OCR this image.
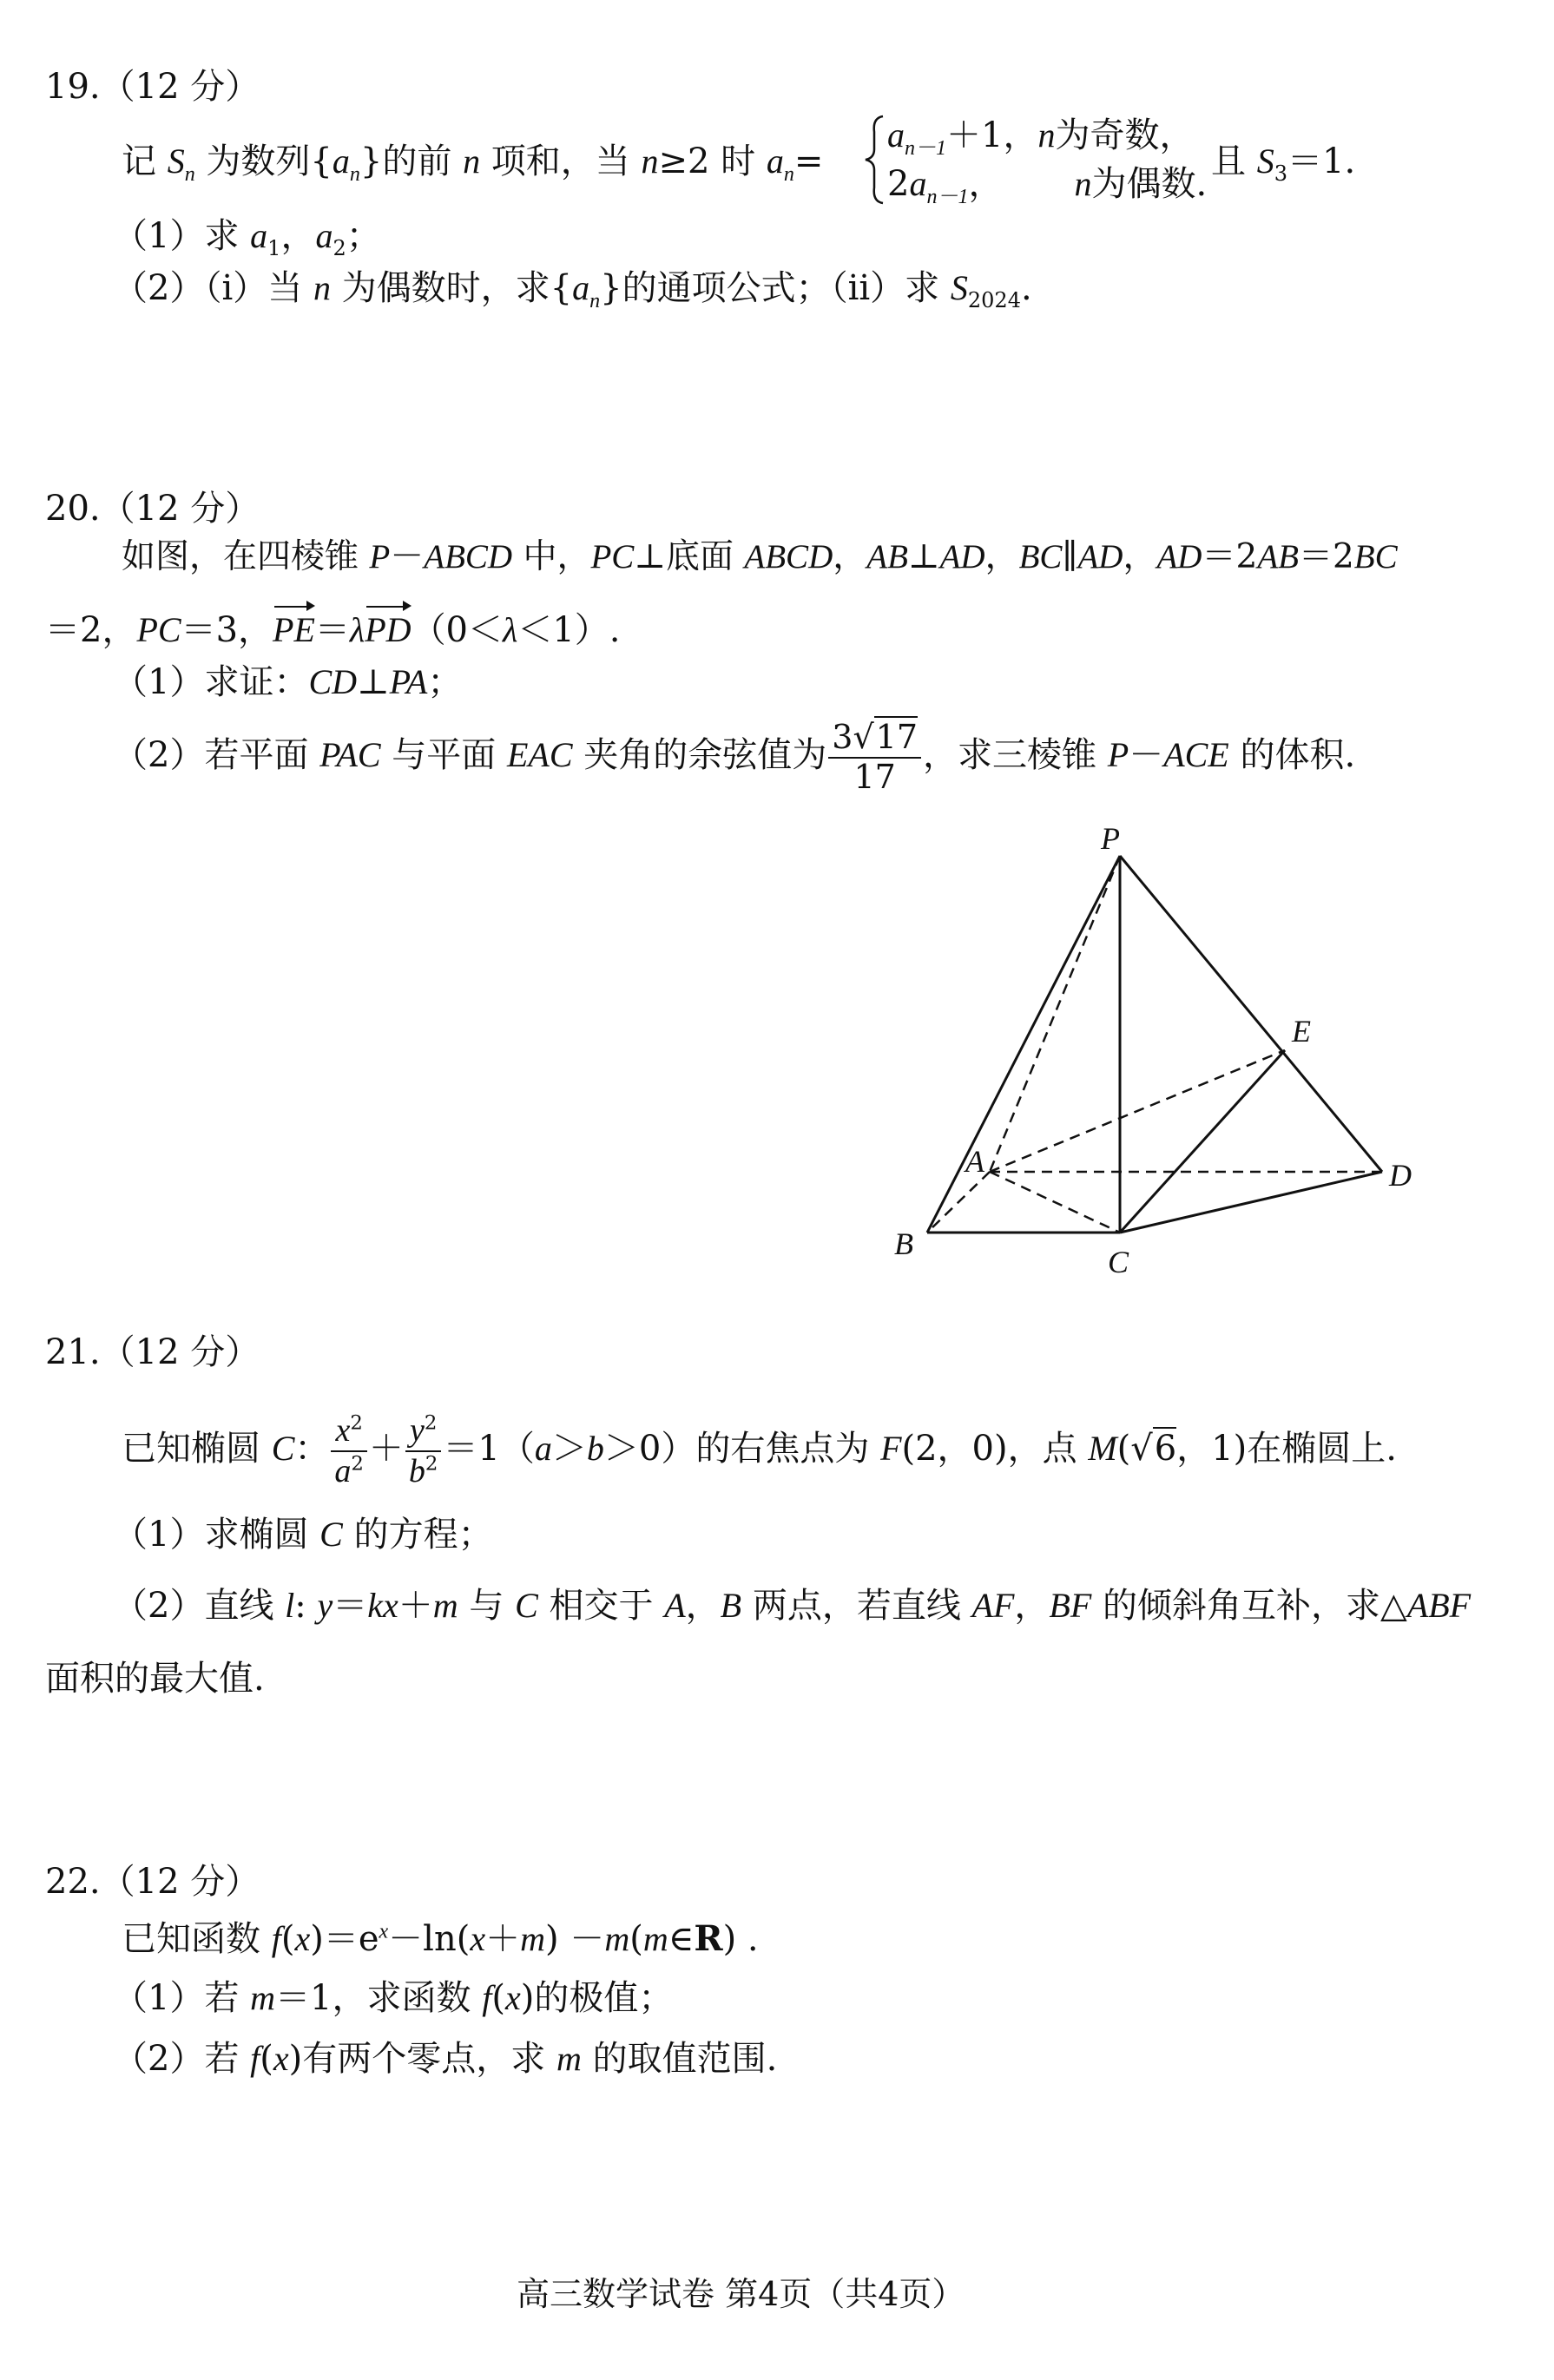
19.（12 分）
记 $S_n$ 为数列$\{a_n\}$的前 n 项和，当 n≥2 时 $a_n=$
$a_{n-1}+1$，n为奇数，
$2a_{n-1}$， n为偶数.
且 $S_3=1$.
（1）求 $a_1$，$a_2$；
（2）（i）当 n 为偶数时，求$\{a_n\}$的通项公式；（ii）求 $S_{2024}$.
20.（12 分）
如图，在四棱锥 P－ABCD 中，PC⊥底面 ABCD，AB⊥AD，BC∥AD，AD＝2AB＝2BC
＝2，PC＝3，PE＝λPD（0＜λ＜1）.
（1）求证：CD⊥PA；
（2）若平面 PAC 与平面 EAC 夹角的余弦值为 $\frac{3√17}{17}$ ，求三棱锥 P－ACE 的体积.
P
E
A	D
B
C
21.（12 分）
已知椭圆 C： $\frac{x^2}{a^2} + \frac{y^2}{b^2} =1(a>b>0)$的右焦点为 F(2，0)，点 M(√6，1)在椭圆上.
（1）求椭圆 C 的方程；
（2）直线 l: y＝kx＋m 与 C 相交于 A，B 两点，若直线 AF，BF 的倾斜角互补，求△ABF
面积的最大值.
22.（12 分）
已知函数 $f(x)=e^x-\ln(x+m)$ －m(m∈R) .
（1）若 m＝1，求函数 f(x)的极值；
（2）若 f(x)有两个零点，求 m 的取值范围.
高三数学试卷 第4页（共4页）
